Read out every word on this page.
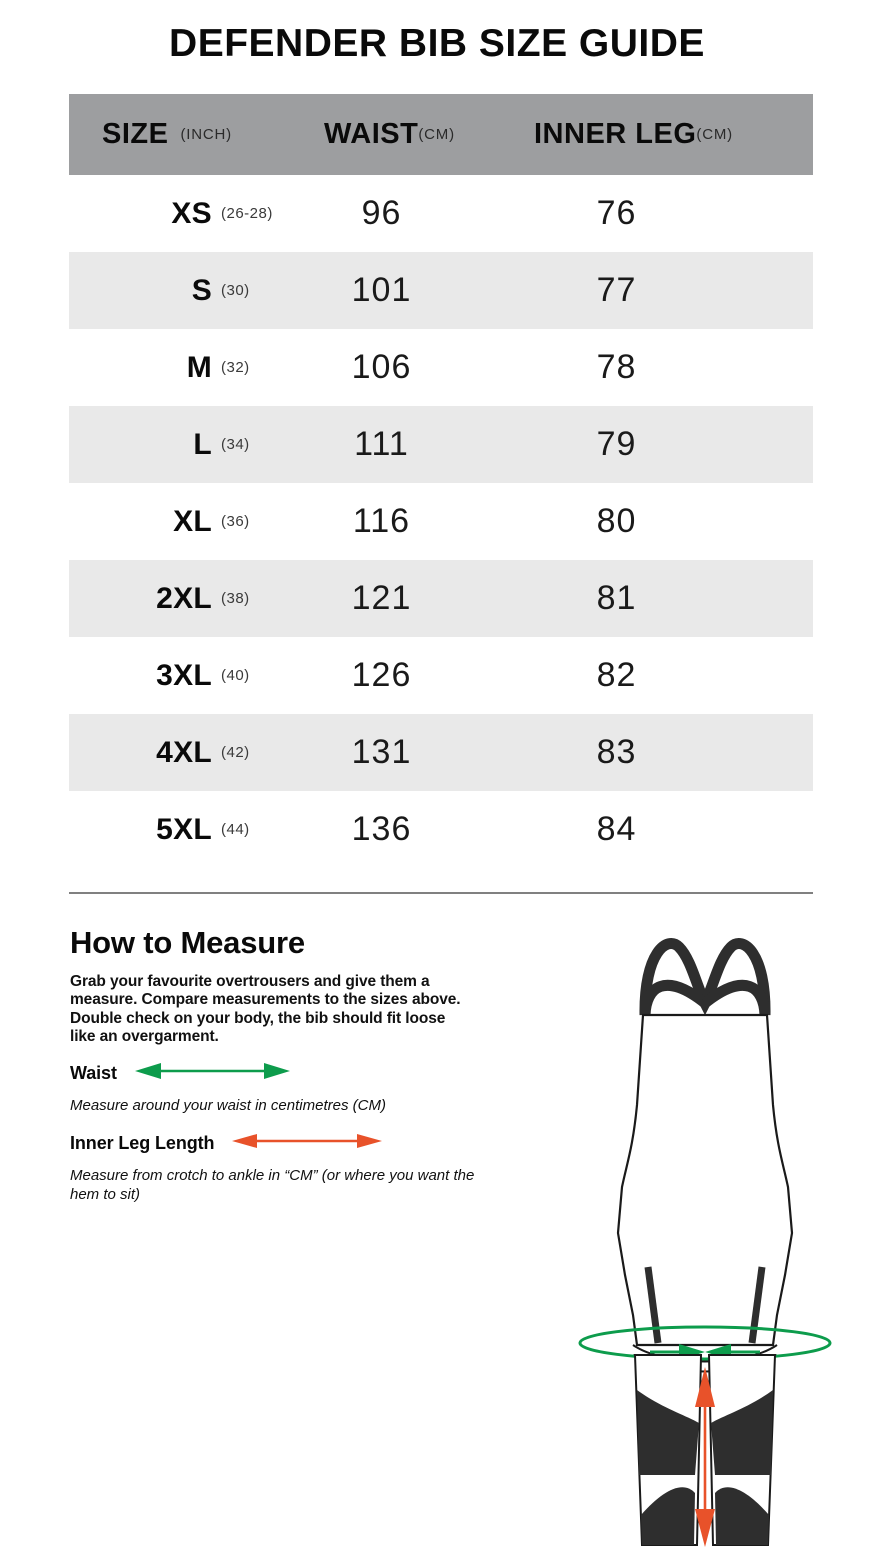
DEFENDER BIB SIZE GUIDE
SIZE (INCH)	WAIST (CM)	INNER LEG (CM)
XS (26-28)	96	76
S (30)	101	77
M (32)	106	78
L (34)	111	79
XL (36)	116	80
2XL (38)	121	81
3XL (40)	126	82
4XL (42)	131	83
5XL (44)	136	84
How to Measure
Grab your favourite overtrousers and give them a measure. Compare measurements to the sizes above. Double check on your body, the bib should fit loose like an overgarment.
Waist
Measure around your waist in centimetres (CM)
Inner Leg Length
Measure from crotch to ankle in “CM” (or where you want the hem to sit)
